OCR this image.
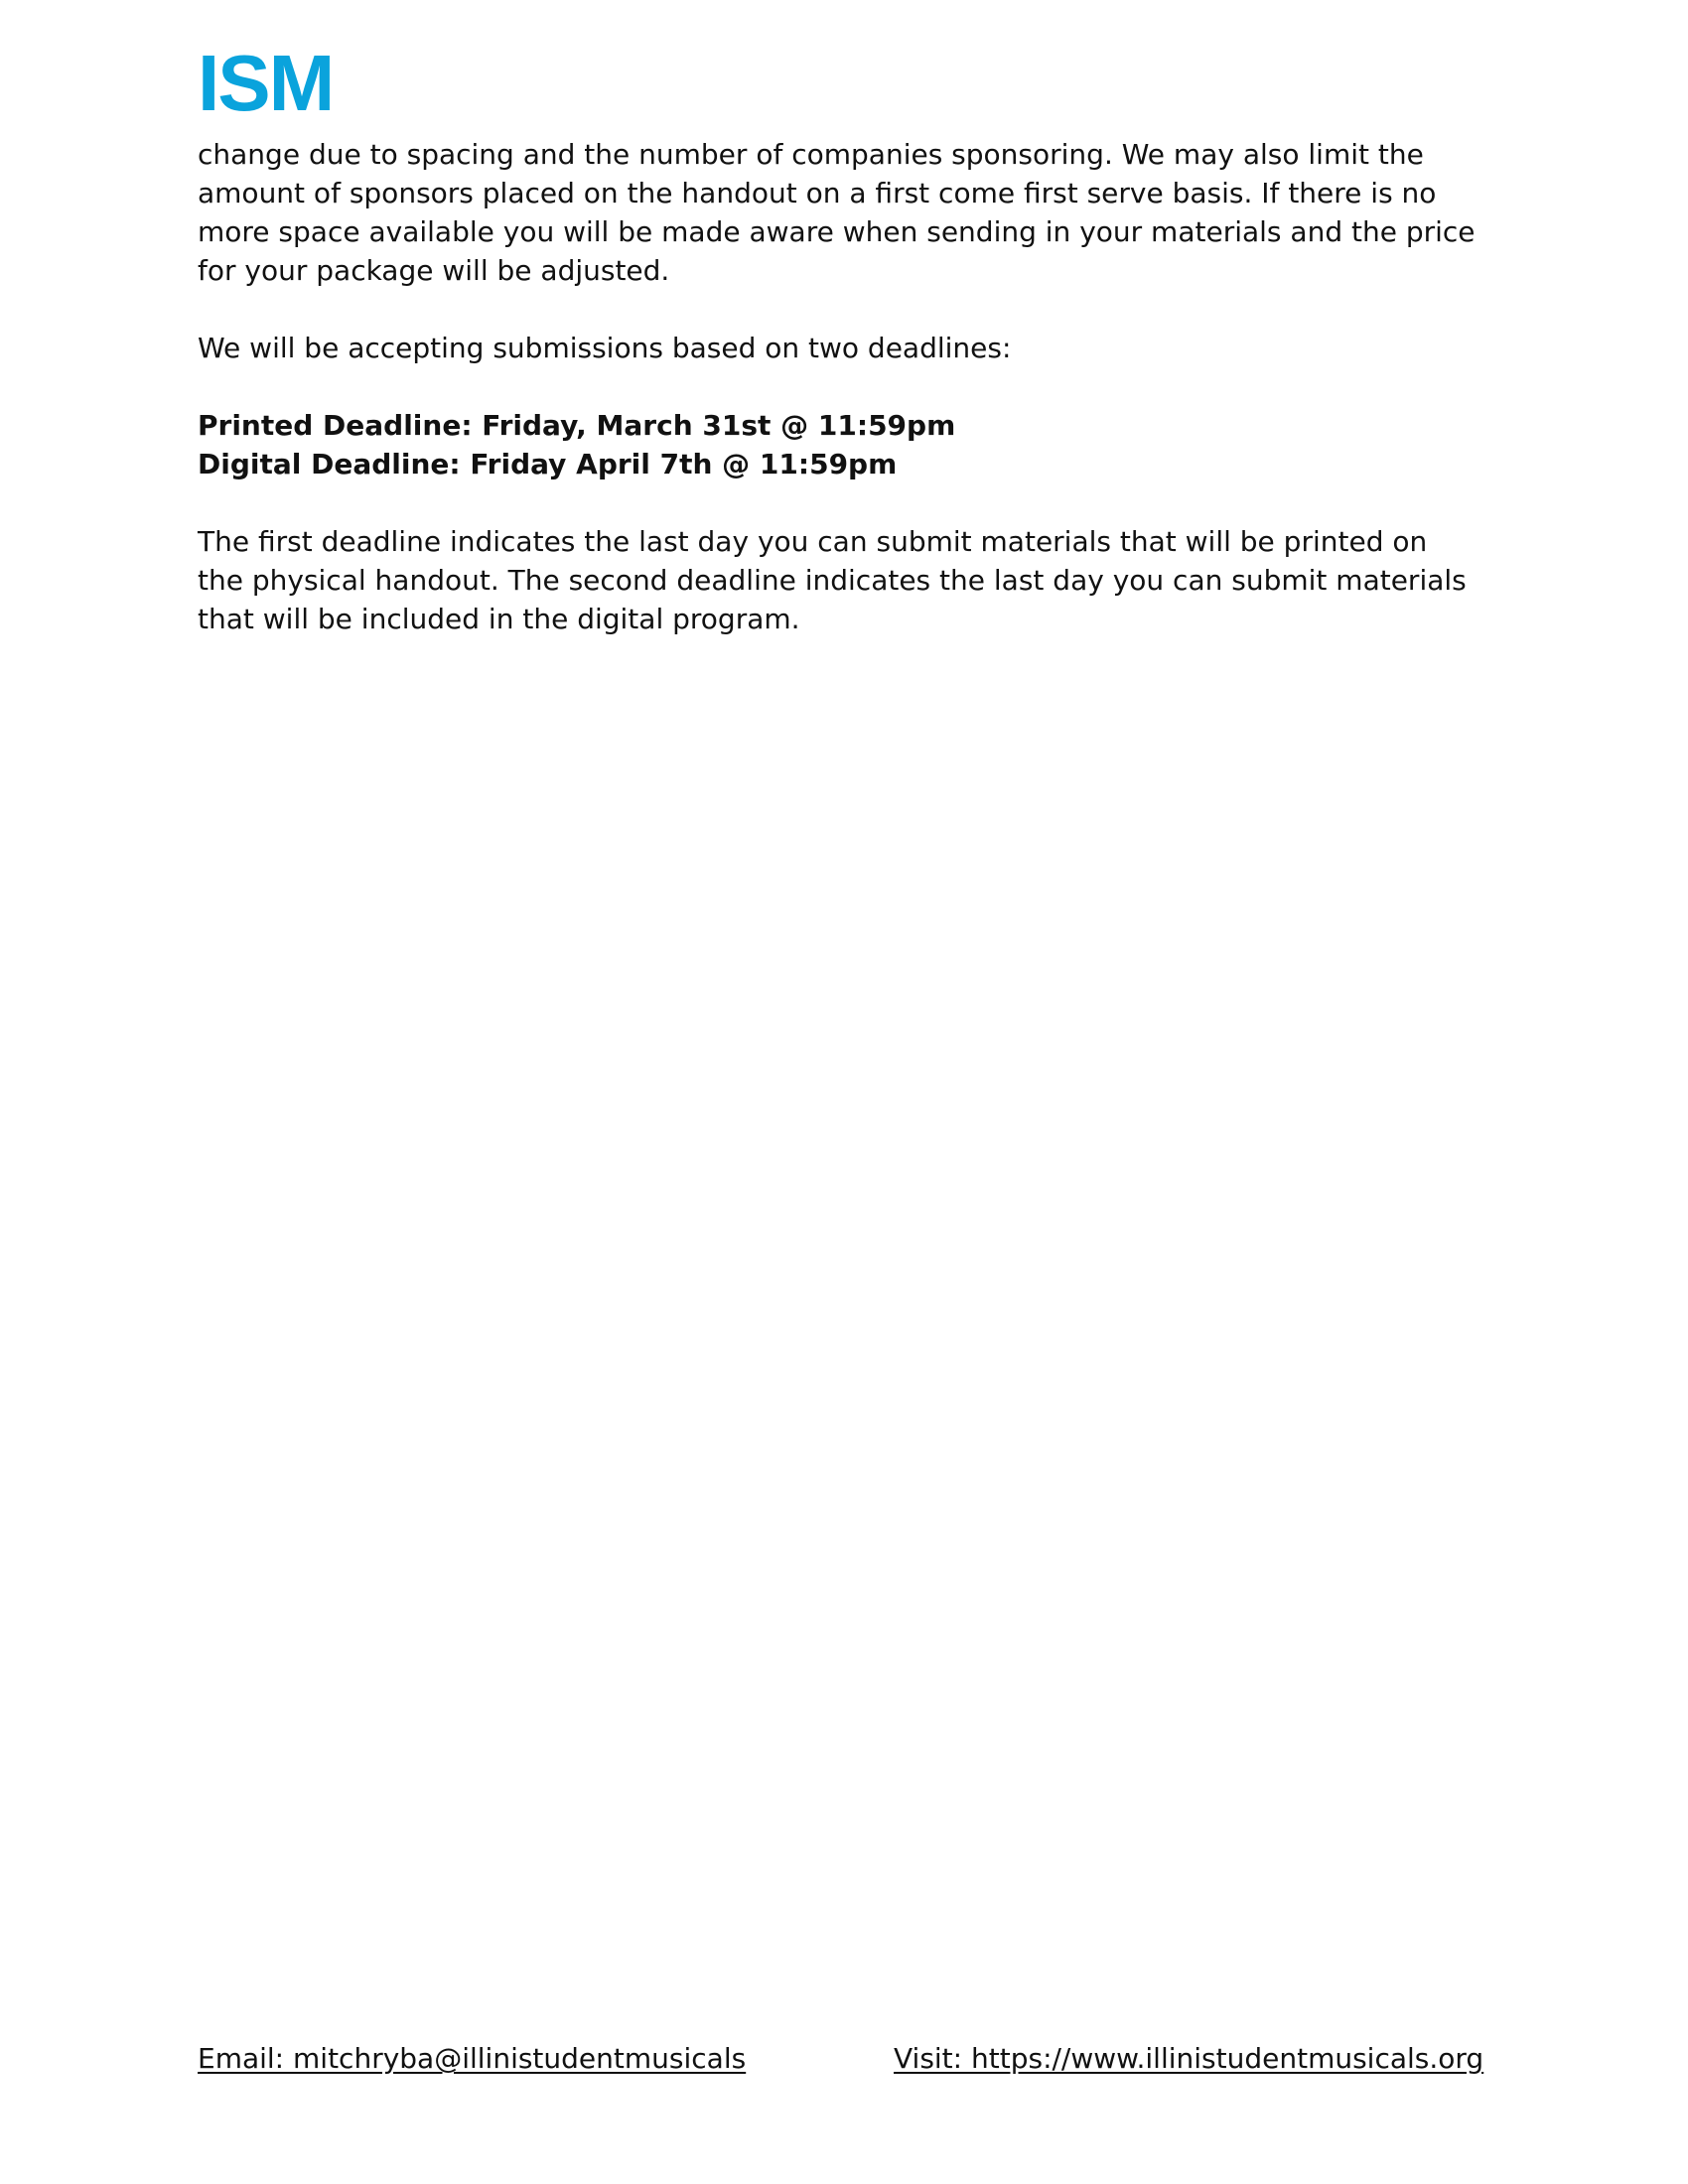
ISM

change due to spacing and the number of companies sponsoring. We may also limit the amount of sponsors placed on the handout on a first come first serve basis. If there is no more space available you will be made aware when sending in your materials and the price for your package will be adjusted.

We will be accepting submissions based on two deadlines:

Printed Deadline: Friday, March 31st @ 11:59pm

Digital Deadline: Friday April 7th @ 11:59pm

The first deadline indicates the last day you can submit materials that will be printed on the physical handout. The second deadline indicates the last day you can submit materials that will be included in the digital program.

Email: mitchryba@illinistudentmusicals	Visit: https://www.illinistudentmusicals.org
